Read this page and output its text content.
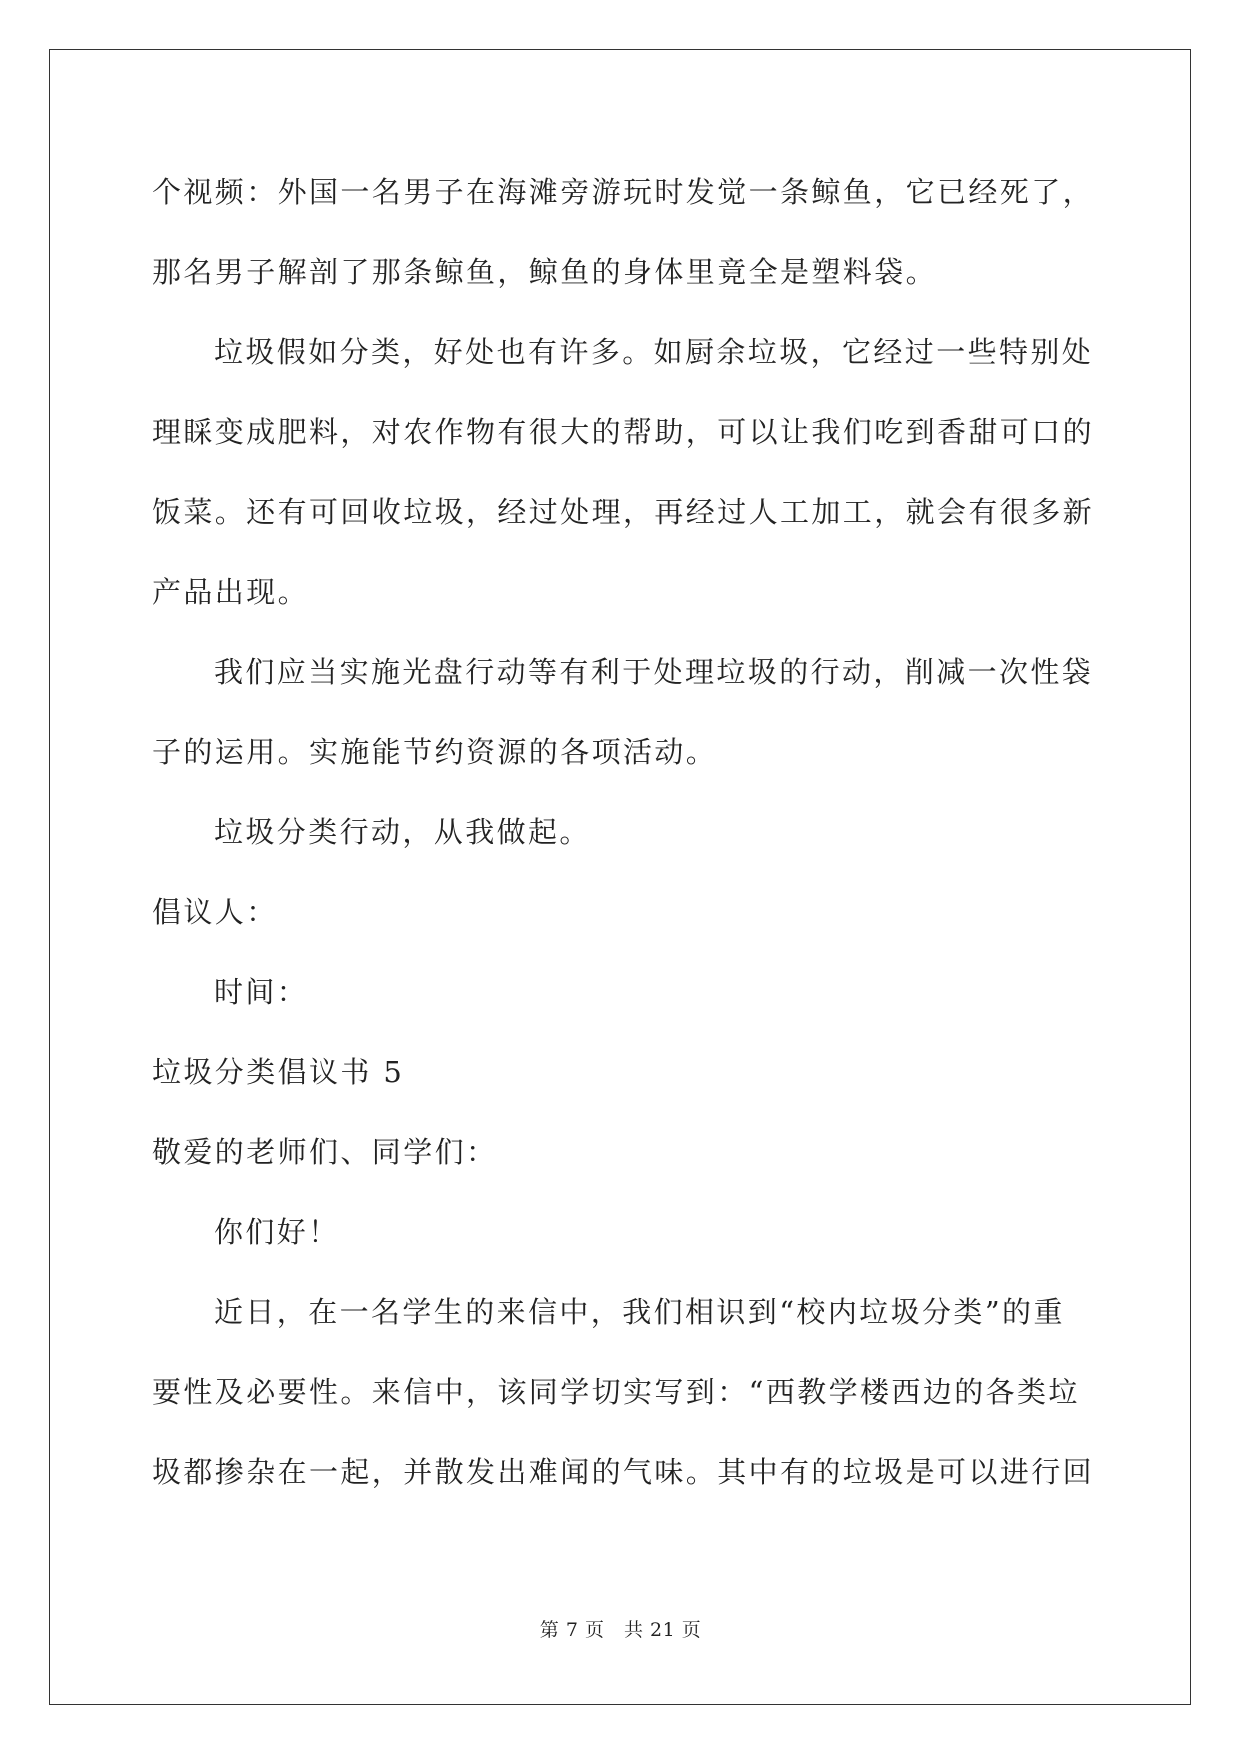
个视频：外国一名男子在海滩旁游玩时发觉一条鲸鱼，它已经死了，

那名男子解剖了那条鲸鱼，鲸鱼的身体里竟全是塑料袋。

垃圾假如分类，好处也有许多。如厨余垃圾，它经过一些特别处

理睬变成肥料，对农作物有很大的帮助，可以让我们吃到香甜可口的

饭菜。还有可回收垃圾，经过处理，再经过人工加工，就会有很多新

产品出现。

我们应当实施光盘行动等有利于处理垃圾的行动，削减一次性袋

子的运用。实施能节约资源的各项活动。

垃圾分类行动，从我做起。

倡议人：

时间：

垃圾分类倡议书 5

敬爱的老师们、同学们：

你们好！

近日，在一名学生的来信中，我们相识到“校内垃圾分类”的重

要性及必要性。来信中，该同学切实写到：“西教学楼西边的各类垃

圾都掺杂在一起，并散发出难闻的气味。其中有的垃圾是可以进行回

第 7 页　共 21 页
